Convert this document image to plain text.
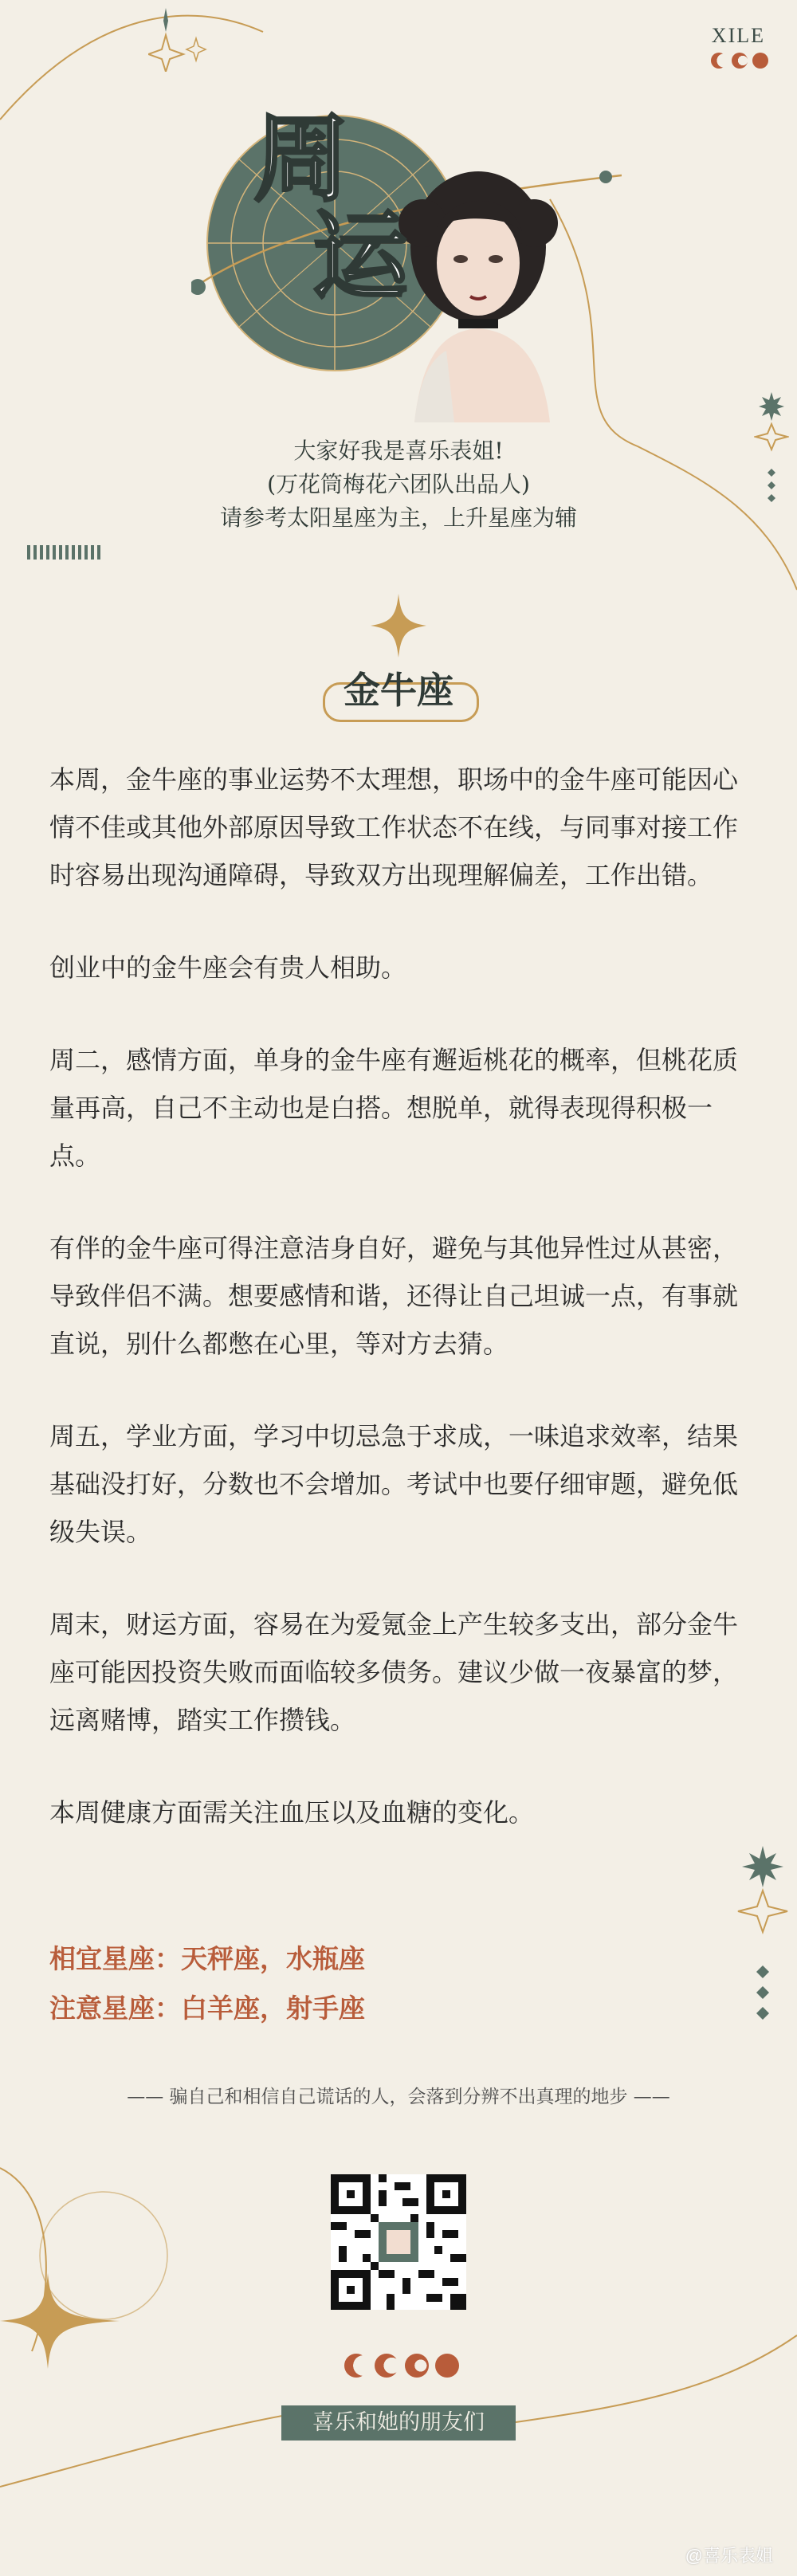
XILE
周
运
大家好我是喜乐表姐!
(万花筒梅花六团队出品人)
请参考太阳星座为主，上升星座为辅
金牛座

本周，金牛座的事业运势不太理想，职场中的金牛座可能因心情不佳或其他外部原因导致工作状态不在线，与同事对接工作时容易出现沟通障碍，导致双方出现理解偏差，工作出错。

创业中的金牛座会有贵人相助。

周二，感情方面，单身的金牛座有邂逅桃花的概率，但桃花质量再高，自己不主动也是白搭。想脱单，就得表现得积极一点。

有伴的金牛座可得注意洁身自好，避免与其他异性过从甚密，导致伴侣不满。想要感情和谐，还得让自己坦诚一点，有事就直说，别什么都憋在心里，等对方去猜。

周五，学业方面，学习中切忌急于求成，一味追求效率，结果基础没打好，分数也不会增加。考试中也要仔细审题，避免低级失误。

周末，财运方面，容易在为爱氪金上产生较多支出，部分金牛座可能因投资失败而面临较多债务。建议少做一夜暴富的梦，远离赌博，踏实工作攒钱。

本周健康方面需关注血压以及血糖的变化。

相宜星座：天秤座，水瓶座
注意星座：白羊座，射手座
—— 骗自己和相信自己谎话的人，会落到分辨不出真理的地步 ——
喜乐和她的朋友们
@喜乐表姐
